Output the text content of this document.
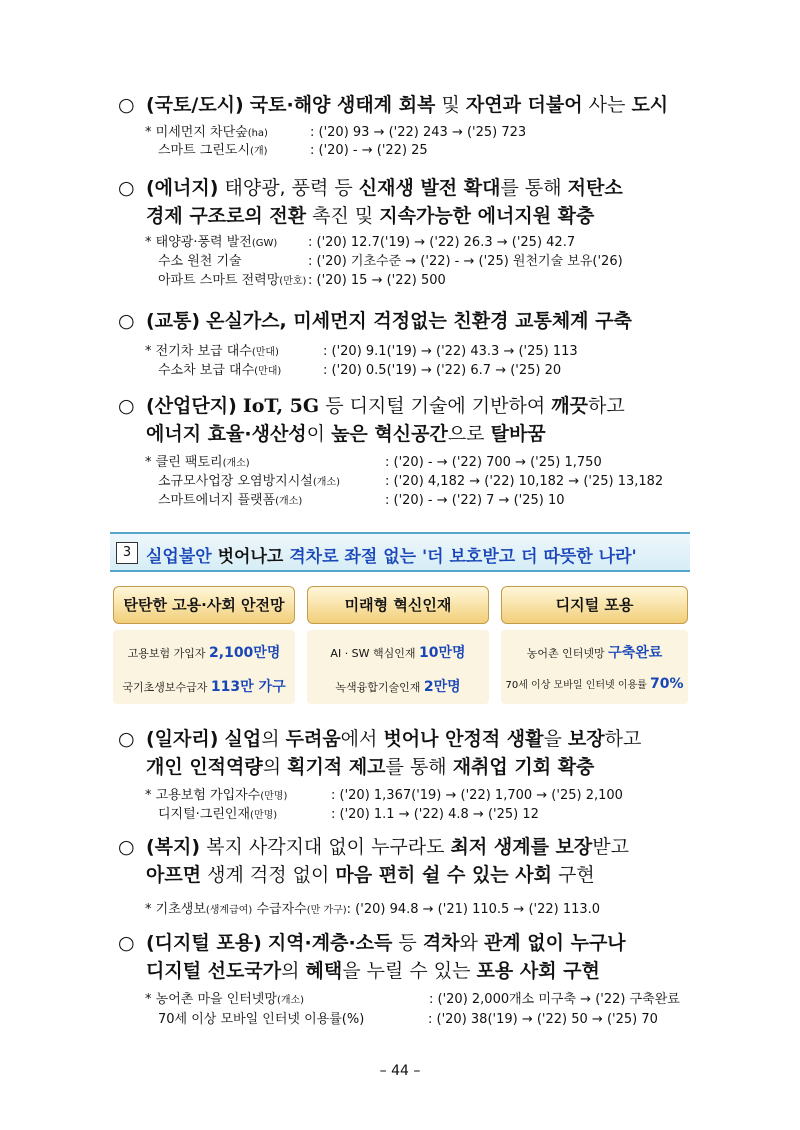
○ (국토/도시) 국토·해양 생태계 회복 및 자연과 더불어 사는 도시
* 미세먼지 차단숲(ha)	: ('20) 93 → ('22) 243 → ('25) 723
스마트 그린도시(개)	: ('20) - → ('22) 25
○ (에너지) 태양광, 풍력 등 신재생 발전 확대를 통해 저탄소
경제 구조로의 전환 촉진 및 지속가능한 에너지원 확충
* 태양광·풍력 발전(GW) : ('20) 12.7('19) → ('22) 26.3 → ('25) 42.7
수소 원천 기술	: ('20) 기초수준 → ('22) - → ('25) 원천기술 보유('26)
아파트 스마트 전력망(만호) : ('20) 15 → ('22) 500
○ (교통) 온실가스, 미세먼지 걱정없는 친환경 교통체계 구축
* 전기차 보급 대수(만대)	: ('20) 9.1('19) → ('22) 43.3 → ('25) 113
수소차 보급 대수(만대)	: ('20) 0.5('19) → ('22) 6.7 → ('25) 20
○ (산업단지) IoT, 5G 등 디지털 기술에 기반하여 깨끗하고
에너지 효율·생산성이 높은 혁신공간으로 탈바꿈
* 클린 팩토리(개소)	: ('20) - → ('22) 700 → ('25) 1,750
소규모사업장 오염방지시설(개소)	: ('20) 4,182 → ('22) 10,182 → ('25) 13,182
스마트에너지 플랫폼(개소)	: ('20) - → ('22) 7 → ('25) 10
3 실업불안 벗어나고 격차로 좌절 없는 '더 보호받고 더 따뜻한 나라'
탄탄한 고용·사회 안전망
고용보험 가입자 2,100만명
국기초생보수급자 113만 가구
미래형 혁신인재
AI · SW 핵심인재 10만명
녹색융합기술인재 2만명
디지털 포용
농어촌 인터넷망 구축완료
70세 이상 모바일 인터넷 이용률 70%
○ (일자리) 실업의 두려움에서 벗어나 안정적 생활을 보장하고
개인 인적역량의 획기적 제고를 통해 재취업 기회 확충
* 고용보험 가입자수(만명)	: ('20) 1,367('19) → ('22) 1,700 → ('25) 2,100
디지털·그린인재(만명)	: ('20) 1.1 → ('22) 4.8 → ('25) 12
○ (복지) 복지 사각지대 없이 누구라도 최저 생계를 보장받고
아프면 생계 걱정 없이 마음 편히 쉴 수 있는 사회 구현
* 기초생보(생계급여) 수급자수(만 가구): ('20) 94.8 → ('21) 110.5 → ('22) 113.0
○ (디지털 포용) 지역·계층·소득 등 격차와 관계 없이 누구나
디지털 선도국가의 혜택을 누릴 수 있는 포용 사회 구현
* 농어촌 마을 인터넷망(개소)	: ('20) 2,000개소 미구축 → ('22) 구축완료
70세 이상 모바일 인터넷 이용률(%)	: ('20) 38('19) → ('22) 50 → ('25) 70
– 44 –
